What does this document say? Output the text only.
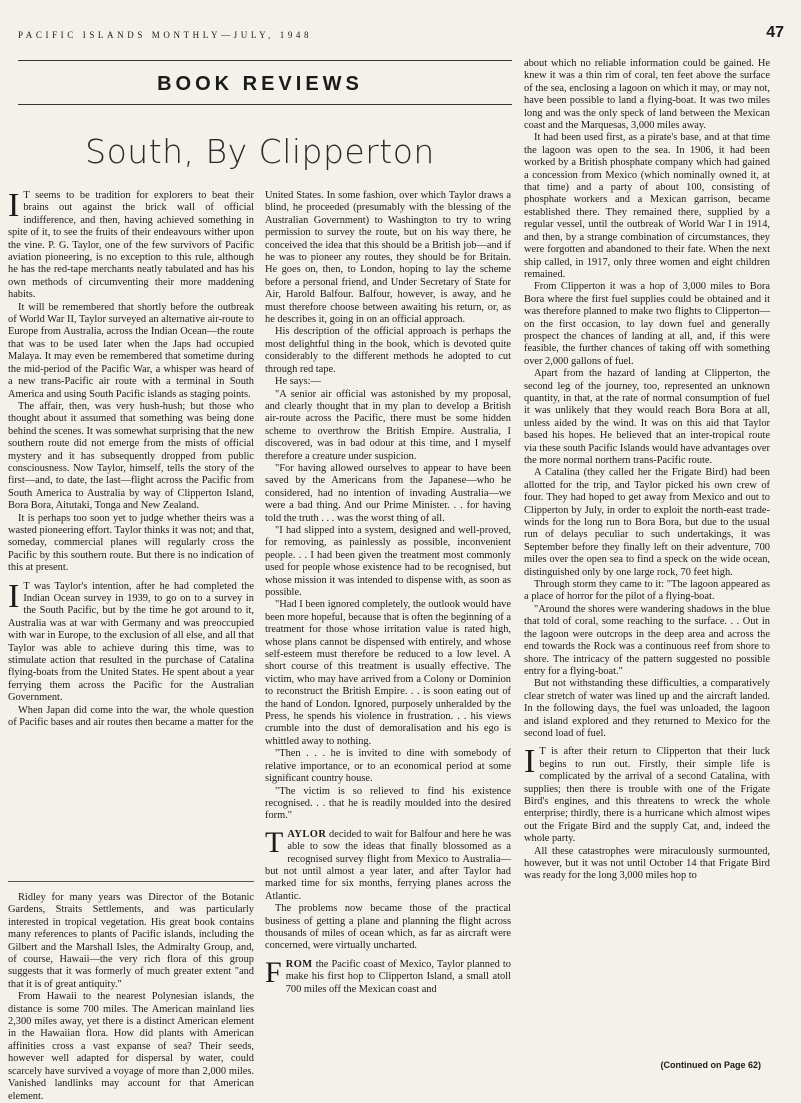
PACIFIC ISLANDS MONTHLY—JULY, 1948	47
BOOK REVIEWS
South, By Clipperton

I T seems to be tradition for explorers to beat their brains out against the brick wall of official indifference, and then, having achieved something in spite of it, to see the fruits of their endeavours wither upon the vine. P. G. Taylor, one of the few survivors of Pacific aviation pioneering, is no exception to this rule, although he has the red-tape merchants neatly tabulated and has his own methods of circumventing their more maddening habits.

It will be remembered that shortly before the outbreak of World War II, Taylor surveyed an alternative air-route to Europe from Australia, across the Indian Ocean—the route that was to be used later when the Japs had occupied Malaya. It may even be remembered that sometime during the mid-period of the Pacific War, a whisper was heard of a new trans-Pacific air route with a terminal in South America and using South Pacific islands as staging points.

The affair, then, was very hush-hush; but those who thought about it assumed that something was being done behind the scenes. It was somewhat surprising that the new southern route did not emerge from the mists of official mystery and it has subsequently dropped from public consciousness. Now Taylor, himself, tells the story of the first—and, to date, the last—flight across the Pacific from South America to Australia by way of Clipperton Island, Bora Bora, Aitutaki, Tonga and New Zealand.

It is perhaps too soon yet to judge whether theirs was a wasted pioneering effort. Taylor thinks it was not; and that, someday, commercial planes will regularly cross the Pacific by this southern route. But there is no indication of this at present.

I T was Taylor's intention, after he had completed the Indian Ocean survey in 1939, to go on to a survey in the South Pacific, but by the time he got around to it, Australia was at war with Germany and was preoccupied with war in Europe, to the exclusion of all else, and all that Taylor was able to achieve during this time, was to stimulate action that resulted in the purchase of Catalina flying-boats from the United States. He spent about a year ferrying them across the Pacific for the Australian Government.

When Japan did come into the war, the whole question of Pacific bases and air routes then became a matter for the

Ridley for many years was Director of the Botanic Gardens, Straits Settlements, and was particularly interested in tropical vegetation. His great book contains many references to plants of Pacific islands, including the Gilbert and the Marshall Isles, the Admiralty Group, and, of course, Hawaii—the very rich flora of this group suggests that it was formerly of much greater extent "and that it is of great antiquity."

From Hawaii to the nearest Polynesian islands, the distance is some 700 miles. The American mainland lies 2,300 miles away, yet there is a distinct American element in the Hawaiian flora. How did plants with American affinities cross a vast expanse of sea? Their seeds, however well adapted for dispersal by water, could scarcely have survived a voyage of more than 2,000 miles. Vanished landlinks may account for that American element.

United States. In some fashion, over which Taylor draws a blind, he proceeded (presumably with the blessing of the Australian Government) to Washington to try to wring permission to survey the route, but on his way there, he conceived the idea that this should be a British job—and if he was to pioneer any routes, they should be for Britain. He goes on, then, to London, hoping to lay the scheme before a personal friend, and Under Secretary of State for Air, Harold Balfour. Balfour, however, is away, and he must therefore choose between awaiting his return, or, as he describes it, going in on an official approach.

His description of the official approach is perhaps the most delightful thing in the book, which is devoted quite considerably to the different methods he adopted to cut through red tape.

He says:—

"A senior air official was astonished by my proposal, and clearly thought that in my plan to develop a British air-route across the Pacific, there must be some hidden scheme to overthrow the British Empire. Australia, I discovered, was in bad odour at this time, and I myself therefore a creature under suspicion.

"For having allowed ourselves to appear to have been saved by the Americans from the Japanese—who he considered, had no intention of invading Australia—we were a bad thing. And our Prime Minister. . . for having told the truth . . . was the worst thing of all.

"I had slipped into a system, designed and well-proved, for removing, as painlessly as possible, inconvenient people. . . I had been given the treatment most commonly used for people whose existence had to be recognised, but whose mission it was intended to dispense with, as soon as possible.

"Had I been ignored completely, the outlook would have been more hopeful, because that is often the beginning of a treatment for those whose irritation value is rated high, whose plans cannot be dispensed with entirely, and whose self-esteem must therefore be reduced to a low level. A short course of this treatment is usually effective. The victim, who may have arrived from a Colony or Dominion to reconstruct the British Empire. . . is soon eating out of the hand of London. Ignored, purposely unheralded by the Press, he spends his violence in frustration. . . his views crumble into the dust of demoralisation and his ego is whittled away to nothing.

"Then . . . he is invited to dine with somebody of relative importance, or to an economical period at some significant country house.

"The victim is so relieved to find his existence recognised. . . that he is readily moulded into the desired form."

TAYLOR decided to wait for Balfour and here he was able to sow the ideas that finally blossomed as a recognised survey flight from Mexico to Australia—but not until almost a year later, and after Taylor had marked time for six months, ferrying planes across the Atlantic.

The problems now became those of the practical business of getting a plane and planning the flight across thousands of miles of ocean which, as far as aircraft were concerned, were virtually uncharted.

FROM the Pacific coast of Mexico, Taylor planned to make his first hop to Clipperton Island, a small atoll 700 miles off the Mexican coast and

about which no reliable information could be gained. He knew it was a thin rim of coral, ten feet above the surface of the sea, enclosing a lagoon on which it may, or may not, have been possible to land a flying-boat. It was two miles long and was the only speck of land between the Mexican coast and the Marquesas, 3,000 miles away.

It had been used first, as a pirate's base, and at that time the lagoon was open to the sea. In 1906, it had been worked by a British phosphate company which had gained a concession from Mexico (which nominally owned it, at that time) and a party of about 100, consisting of phosphate workers and a Mexican garrison, became established there. They remained there, supplied by a regular vessel, until the outbreak of World War I in 1914, and then, by a strange combination of circumstances, they were forgotten and abandoned to their fate. When the next ship called, in 1917, only three women and eight children remained.

From Clipperton it was a hop of 3,000 miles to Bora Bora where the first fuel supplies could be obtained and it was therefore planned to make two flights to Clipperton—on the first occasion, to lay down fuel and generally prospect the chances of landing at all, and, if this were feasible, the further chances of taking off with something over 2,000 gallons of fuel.

Apart from the hazard of landing at Clipperton, the second leg of the journey, too, represented an unknown quantity, in that, at the rate of normal consumption of fuel it was unlikely that they would reach Bora Bora at all, unless aided by the wind. It was on this aid that Taylor based his hopes. He believed that an inter-tropical route via these south Pacific Islands would have advantages over the more normal northern trans-Pacific route.

A Catalina (they called her the Frigate Bird) had been allotted for the trip, and Taylor picked his own crew of four. They had hoped to get away from Mexico and out to Clipperton by July, in order to exploit the north-east trade-winds for the long run to Bora Bora, but due to the usual run of delays peculiar to such undertakings, it was September before they finally left on their adventure, 700 miles over the open sea to find a speck on the wide ocean, distinguished only by one large rock, 70 feet high.

Through storm they came to it: "The lagoon appeared as a place of horror for the pilot of a flying-boat.

"Around the shores were wandering shadows in the blue that told of coral, some reaching to the surface. . . Out in the lagoon were outcrops in the deep area and across the end towards the Rock was a continuous reef from shore to shore. The intricacy of the pattern suggested no possible entry for a flying-boat."

But not withstanding these difficulties, a comparatively clear stretch of water was lined up and the aircraft landed. In the following days, the fuel was unloaded, the lagoon and island explored and they returned to Mexico for the second load of fuel.

I T is after their return to Clipperton that their luck begins to run out. Firstly, their simple life is complicated by the arrival of a second Catalina, with supplies; then there is trouble with one of the Frigate Bird's engines, and this threatens to wreck the whole enterprise; thirdly, there is a hurricane which almost wipes out the Frigate Bird and the supply Cat, and, indeed the whole party.

All these catastrophes were miraculously surmounted, however, but it was not until October 14 that Frigate Bird was ready for the long 3,000 miles hop to

(Continued on Page 62)
